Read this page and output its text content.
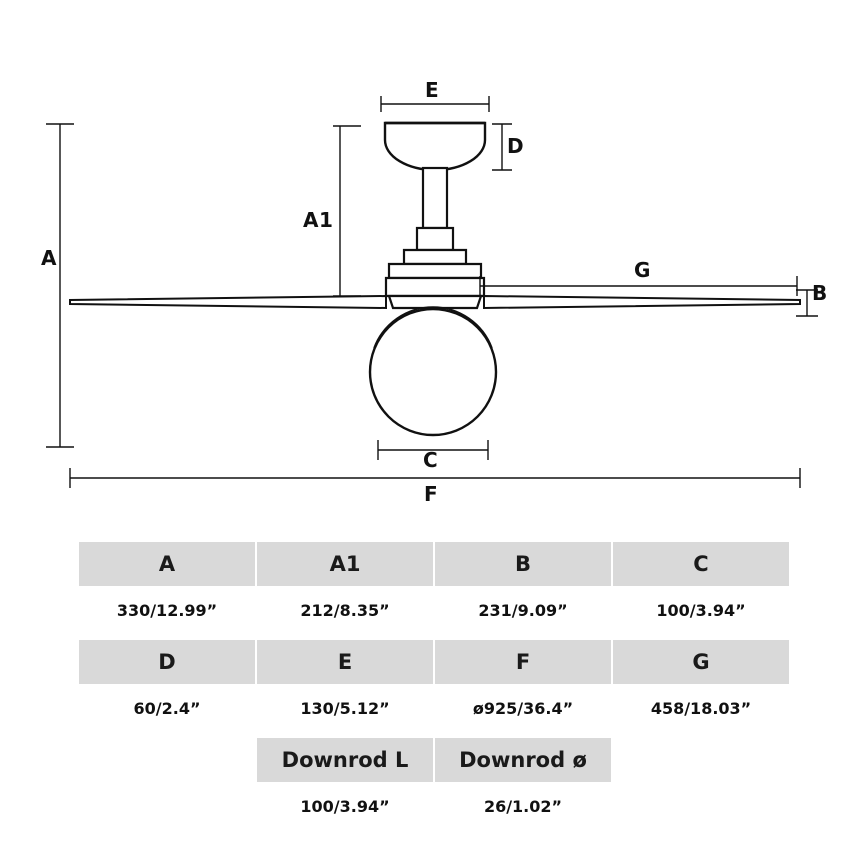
A
A1
B
C
D
E
F
G
A	A1	B	C
330/12.99”	212/8.35”	231/9.09”	100/3.94”
D	E	F	G
60/2.4”	130/5.12”	ø925/36.4”	458/18.03”
Downrod L	Downrod ø
100/3.94”	26/1.02”
